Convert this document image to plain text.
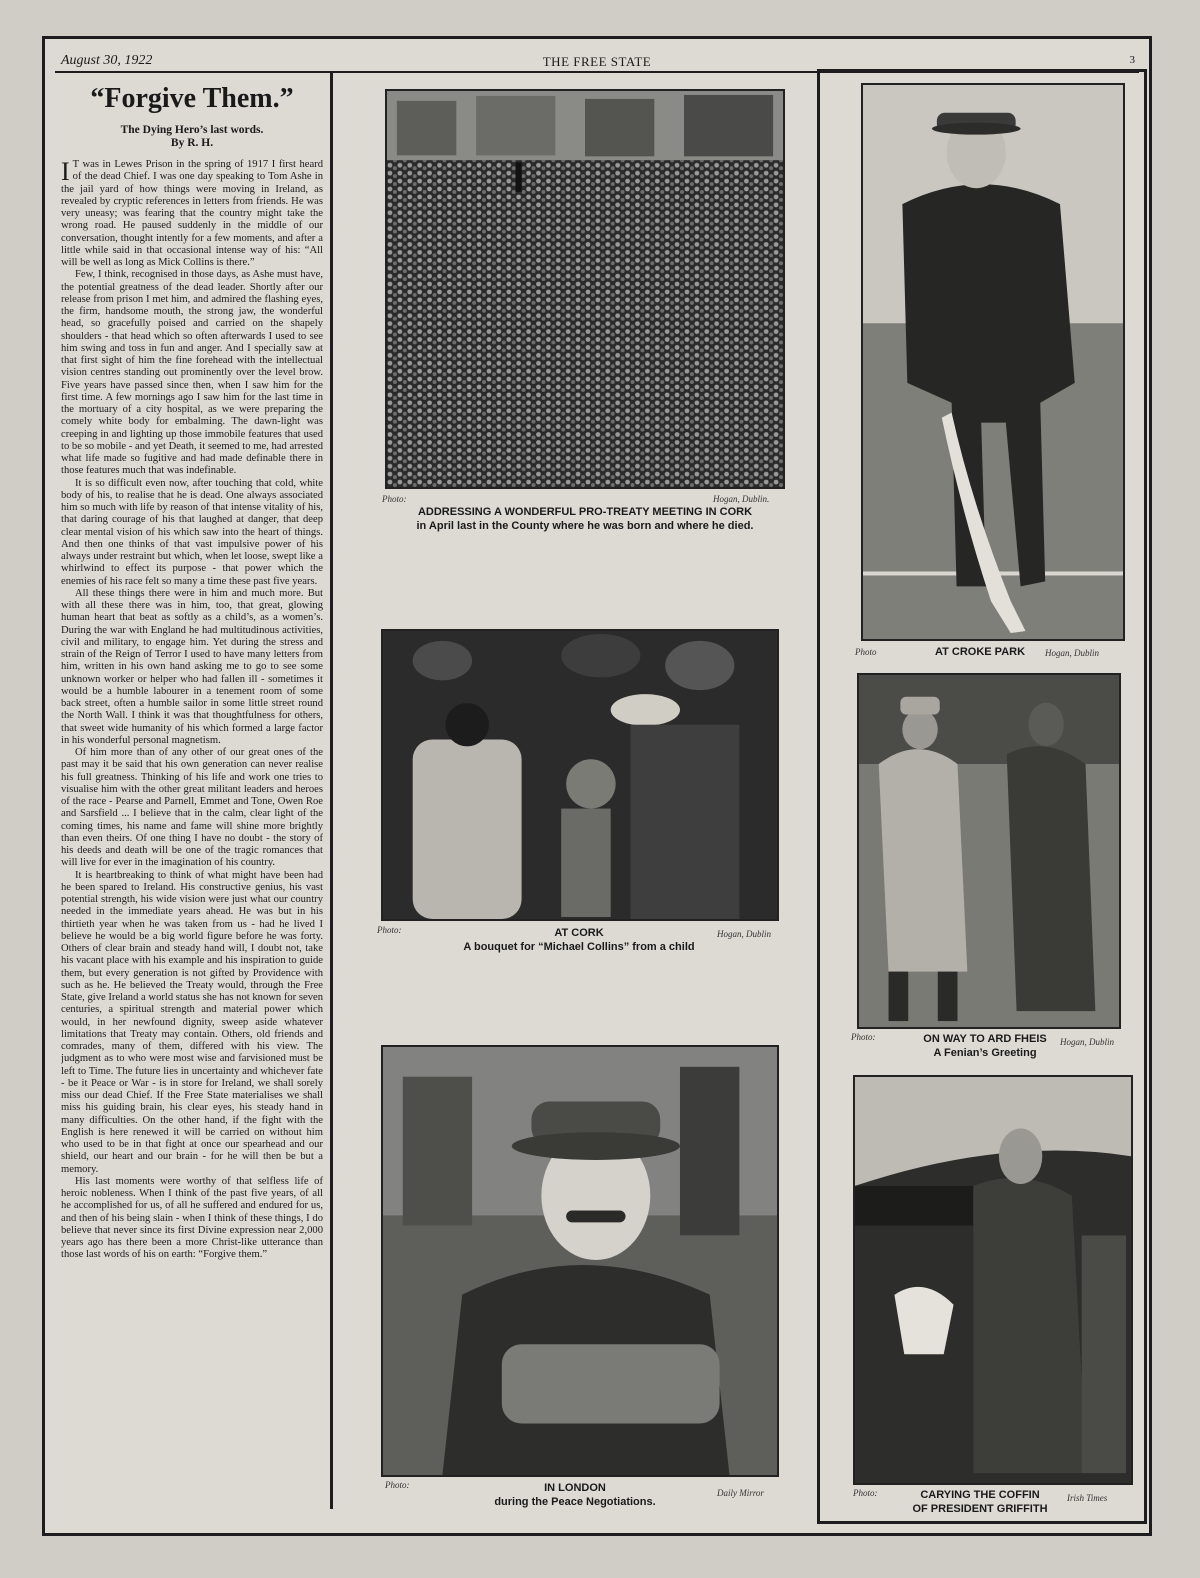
August 30, 1922	THE FREE STATE	3
“Forgive Them.”
The Dying Hero’s last words.
By R. H.

I T was in Lewes Prison in the spring of 1917 I first heard of the dead Chief. I was one day speaking to Tom Ashe in the jail yard of how things were moving in Ireland, as revealed by cryptic references in letters from friends. He was very uneasy; was fearing that the country might take the wrong road. He paused suddenly in the middle of our conversation, thought intently for a few moments, and after a little while said in that occasional intense way of his: “All will be well as long as Mick Collins is there.”

Few, I think, recognised in those days, as Ashe must have, the potential greatness of the dead leader. Shortly after our release from prison I met him, and admired the flashing eyes, the firm, handsome mouth, the strong jaw, the wonderful head, so gracefully poised and carried on the shapely shoulders - that head which so often afterwards I used to see him swing and toss in fun and anger. And I specially saw at that first sight of him the fine forehead with the intellectual vision centres standing out prominently over the level brow. Five years have passed since then, when I saw him for the first time. A few mornings ago I saw him for the last time in the mortuary of a city hospital, as we were preparing the comely white body for embalming. The dawn-light was creeping in and lighting up those immobile features that used to be so mobile - and yet Death, it seemed to me, had arrested what life made so fugitive and had made definable there in those features much that was indefinable.

It is so difficult even now, after touching that cold, white body of his, to realise that he is dead. One always associated him so much with life by reason of that intense vitality of his, that daring courage of his that laughed at danger, that deep clear mental vision of his which saw into the heart of things. And then one thinks of that vast impulsive power of his always under restraint but which, when let loose, swept like a whirlwind to effect its purpose - that power which the enemies of his race felt so many a time these past five years.

All these things there were in him and much more. But with all these there was in him, too, that great, glowing human heart that beat as softly as a child’s, as a women’s. During the war with England he had multitudinous activities, civil and military, to engage him. Yet during the stress and strain of the Reign of Terror I used to have many letters from him, written in his own hand asking me to go to see some unknown worker or helper who had fallen ill - sometimes it would be a humble labourer in a tenement room of some back street, often a humble sailor in some little street round the North Wall. I think it was that thoughtfulness for others, that sweet wide humanity of his which formed a large factor in his wonderful personal magnetism.

Of him more than of any other of our great ones of the past may it be said that his own generation can never realise his full greatness. Thinking of his life and work one tries to visualise him with the other great militant leaders and heroes of the race - Pearse and Parnell, Emmet and Tone, Owen Roe and Sarsfield ... I believe that in the calm, clear light of the coming times, his name and fame will shine more brightly than even theirs. Of one thing I have no doubt - the story of his deeds and death will be one of the tragic romances that will live for ever in the imagination of his country.

It is heartbreaking to think of what might have been had he been spared to Ireland. His constructive genius, his vast potential strength, his wide vision were just what our country needed in the immediate years ahead. He was but in his thirtieth year when he was taken from us - had he lived I believe he would be a big world figure before he was forty. Others of clear brain and steady hand will, I doubt not, take his vacant place with his example and his inspiration to guide them, but every generation is not gifted by Providence with such as he. He believed the Treaty would, through the Free State, give Ireland a world status she has not known for seven centuries, a spiritual strength and material power which would, in her newfound dignity, sweep aside whatever limitations that Treaty may contain. Others, old friends and comrades, many of them, differed with his view. The judgment as to who were most wise and farvisioned must be left to Time. The future lies in uncertainty and whichever fate - be it Peace or War - is in store for Ireland, we shall sorely miss our dead Chief. If the Free State materialises we shall miss his guiding brain, his clear eyes, his steady hand in many difficulties. On the other hand, if the fight with the English is here renewed it will be carried on without him who used to be in that fight at once our spearhead and our shield, our heart and our brain - for he will then be but a memory.

His last moments were worthy of that selfless life of heroic nobleness. When I think of the past five years, of all he accomplished for us, of all he suffered and endured for us, and then of his being slain - when I think of these things, I do believe that never since its first Divine expression near 2,000 years ago has there been a more Christ-like utterance than those last words of his on earth: “Forgive them.”

Photo:	Hogan, Dublin.
ADDRESSING A WONDERFUL PRO-TREATY MEETING IN CORK
in April last in the County where he was born and where he died.
Photo:	Hogan, Dublin
AT CORK
A bouquet for “Michael Collins” from a child
Photo:
Daily Mirror
IN LONDON
during the Peace Negotiations.
Photo	AT CROKE PARK Hogan, Dublin
Photo:	Hogan, Dublin
ON WAY TO ARD FHEIS
A Fenian’s Greeting
Photo:	Irish Times
CARYING THE COFFIN
OF PRESIDENT GRIFFITH
